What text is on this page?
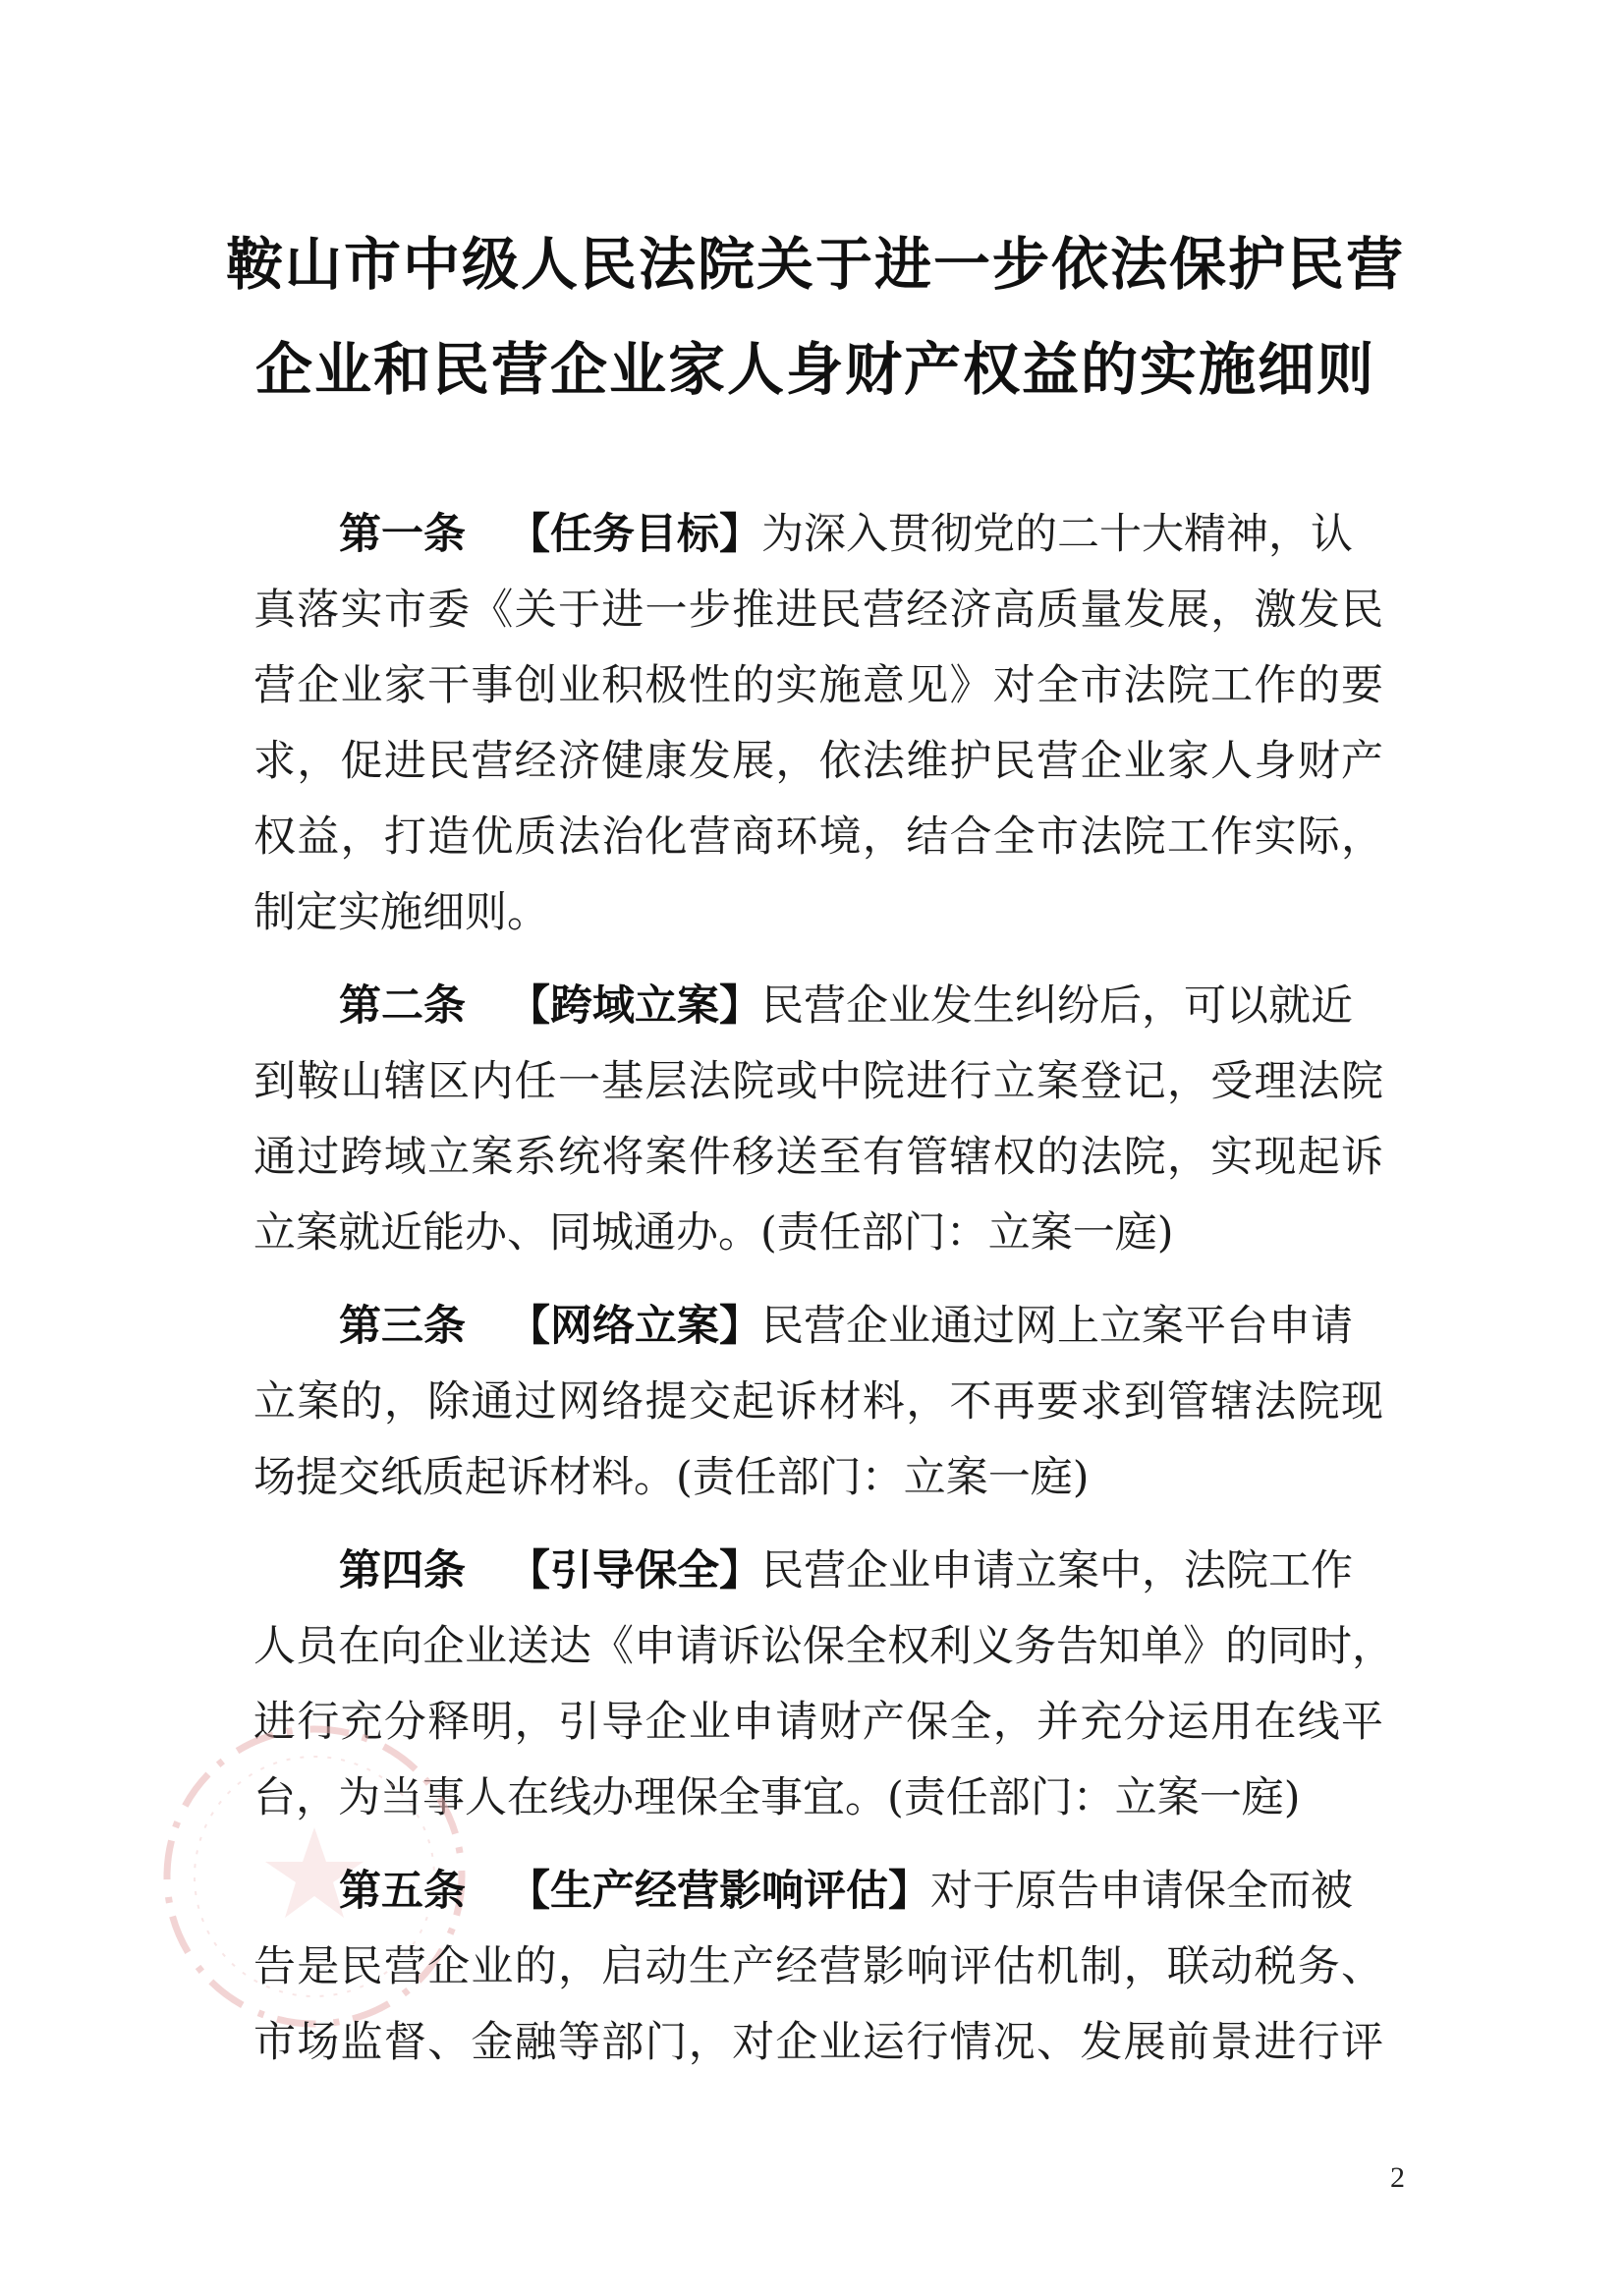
鞍山市中级人民法院关于进一步依法保护民营
企业和民营企业家人身财产权益的实施细则
第一条  【任务目标】为深入贯彻党的二十大精神，认
真落实市委《关于进一步推进民营经济高质量发展，激发民
营企业家干事创业积极性的实施意见》对全市法院工作的要
求，促进民营经济健康发展，依法维护民营企业家人身财产
权益，打造优质法治化营商环境，结合全市法院工作实际，
制定实施细则。
第二条  【跨域立案】民营企业发生纠纷后，可以就近
到鞍山辖区内任一基层法院或中院进行立案登记，受理法院
通过跨域立案系统将案件移送至有管辖权的法院，实现起诉
立案就近能办、同城通办。(责任部门：立案一庭)
第三条  【网络立案】民营企业通过网上立案平台申请
立案的，除通过网络提交起诉材料，不再要求到管辖法院现
场提交纸质起诉材料。(责任部门：立案一庭)
第四条  【引导保全】民营企业申请立案中，法院工作
人员在向企业送达《申请诉讼保全权利义务告知单》的同时，
进行充分释明，引导企业申请财产保全，并充分运用在线平
台，为当事人在线办理保全事宜。(责任部门：立案一庭)
第五条  【生产经营影响评估】对于原告申请保全而被
告是民营企业的，启动生产经营影响评估机制，联动税务、
市场监督、金融等部门，对企业运行情况、发展前景进行评
2
